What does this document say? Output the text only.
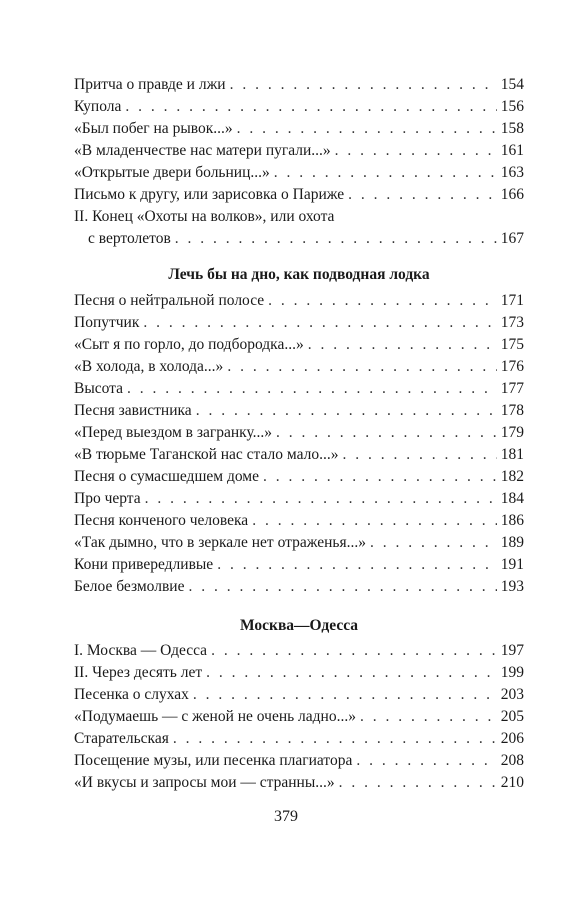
Притча о правде и лжи . . .	154
Купола . . .	156
«Был побег на рывок...» . . .	158
«В младенчестве нас матери пугали...» . . .	161
«Открытые двери больниц...» . . .	163
Письмо к другу, или зарисовка о Париже . . .	166
II. Конец «Охоты на волков», или охота
с вертолетов . . .	167
Лечь бы на дно, как подводная лодка
Песня о нейтральной полосе . . .	171
Попутчик . . .	173
«Сыт я по горло, до подбородка...» . . .	175
«В холода, в холода...» . . .	176
Высота . . .	177
Песня завистника . . .	178
«Перед выездом в загранку...» . . .	179
«В тюрьме Таганской нас стало мало...» . . .	181
Песня о сумасшедшем доме . . .	182
Про черта . . .	184
Песня конченого человека . . .	186
«Так дымно, что в зеркале нет отраженья...» . . .	189
Кони привередливые . . .	191
Белое безмолвие . . .	193
Москва—Одесса
I. Москва — Одесса . . .	197
II. Через десять лет . . .	199
Песенка о слухах . . .	203
«Подумаешь — с женой не очень ладно...» . . .	205
Старательская . . .	206
Посещение музы, или песенка плагиатора . . .	208
«И вкусы и запросы мои — странны...» . . .	210
379
